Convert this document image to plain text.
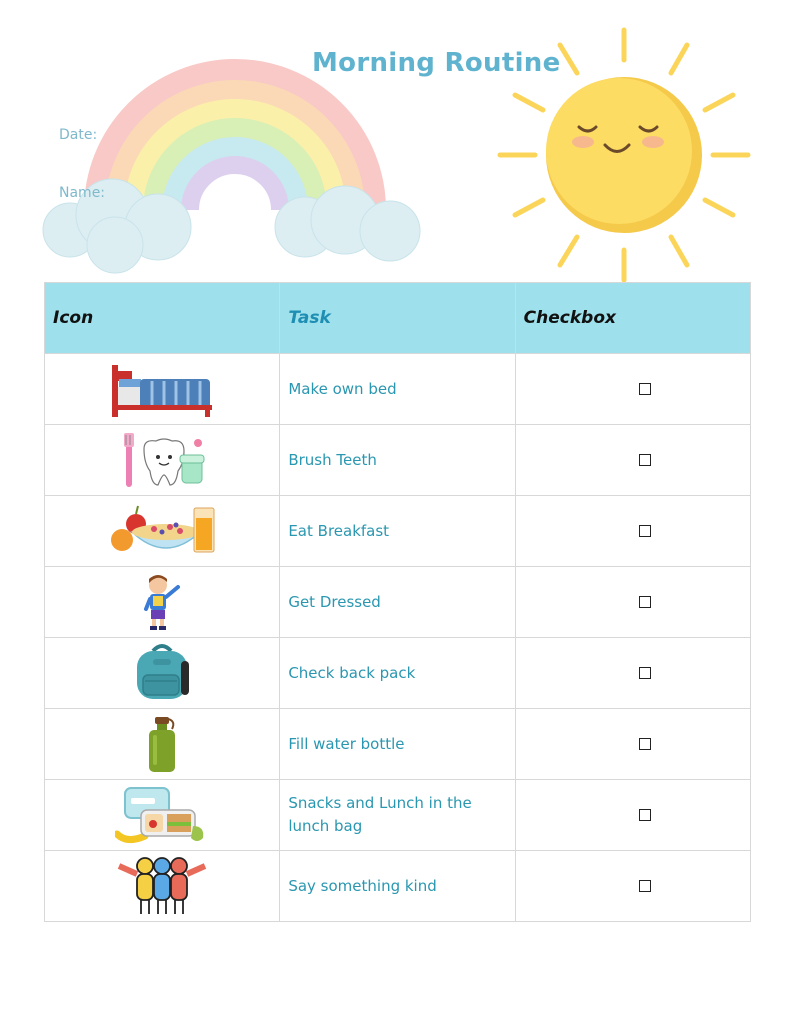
Morning Routine
Date:
Name:
Icon	Task	Checkbox

	Make own bed	

	Brush Teeth	

	Eat Breakfast	

	Get Dressed	

	Check back pack	

	Fill water bottle	

	Snacks and Lunch in the lunch bag	

	Say something kind	
